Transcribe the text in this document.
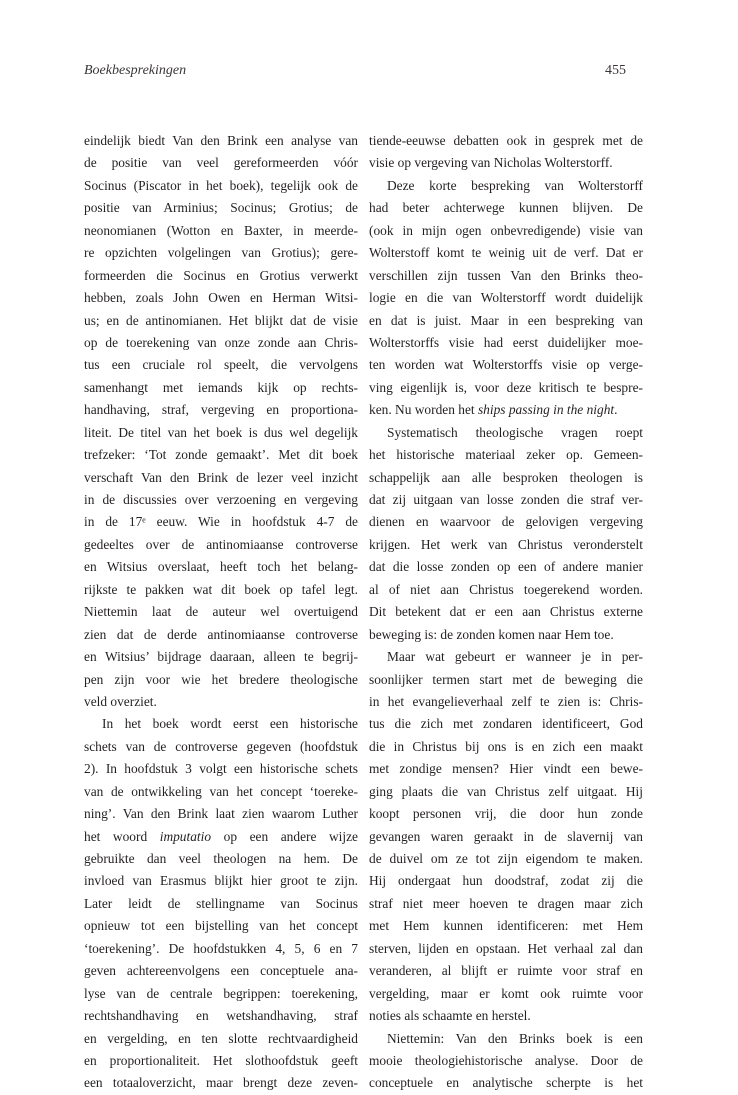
Boekbesprekingen	455
eindelijk biedt Van den Brink een analyse van
de positie van veel gereformeerden vóór
Socinus (Piscator in het boek), tegelijk ook de
positie van Arminius; Socinus; Grotius; de
neonomianen (Wotton en Baxter, in meerde-
re opzichten volgelingen van Grotius); gere-
formeerden die Socinus en Grotius verwerkt
hebben, zoals John Owen en Herman Witsi-
us; en de antinomianen. Het blijkt dat de visie
op de toerekening van onze zonde aan Chris-
tus een cruciale rol speelt, die vervolgens
samenhangt met iemands kijk op rechts-
handhaving, straf, vergeving en proportiona-
liteit. De titel van het boek is dus wel degelijk
trefzeker: ‘Tot zonde gemaakt’. Met dit boek
verschaft Van den Brink de lezer veel inzicht
in de discussies over verzoening en vergeving
in de 17ᵉ eeuw. Wie in hoofdstuk 4-7 de
gedeeltes over de antinomiaanse controverse
en Witsius overslaat, heeft toch het belang-
rijkste te pakken wat dit boek op tafel legt.
Niettemin laat de auteur wel overtuigend
zien dat de derde antinomiaanse controverse
en Witsius’ bijdrage daaraan, alleen te begrij-
pen zijn voor wie het bredere theologische
veld overziet.
In het boek wordt eerst een historische
schets van de controverse gegeven (hoofdstuk
2). In hoofdstuk 3 volgt een historische schets
van de ontwikkeling van het concept ‘toereke-
ning’. Van den Brink laat zien waarom Luther
het woord imputatio op een andere wijze
gebruikte dan veel theologen na hem. De
invloed van Erasmus blijkt hier groot te zijn.
Later leidt de stellingname van Socinus
opnieuw tot een bijstelling van het concept
‘toerekening’. De hoofdstukken 4, 5, 6 en 7
geven achtereenvolgens een conceptuele ana-
lyse van de centrale begrippen: toerekening,
rechtshandhaving en wetshandhaving, straf
en vergelding, en ten slotte rechtvaardigheid
en proportionaliteit. Het slothoofdstuk geeft
een totaaloverzicht, maar brengt deze zeven-
tiende-eeuwse debatten ook in gesprek met de
visie op vergeving van Nicholas Wolterstorff.
Deze korte bespreking van Wolterstorff
had beter achterwege kunnen blijven. De
(ook in mijn ogen onbevredigende) visie van
Wolterstoff komt te weinig uit de verf. Dat er
verschillen zijn tussen Van den Brinks theo-
logie en die van Wolterstorff wordt duidelijk
en dat is juist. Maar in een bespreking van
Wolterstorffs visie had eerst duidelijker moe-
ten worden wat Wolterstorffs visie op verge-
ving eigenlijk is, voor deze kritisch te bespre-
ken. Nu worden het ships passing in the night.
Systematisch theologische vragen roept
het historische materiaal zeker op. Gemeen-
schappelijk aan alle besproken theologen is
dat zij uitgaan van losse zonden die straf ver-
dienen en waarvoor de gelovigen vergeving
krijgen. Het werk van Christus veronderstelt
dat die losse zonden op een of andere manier
al of niet aan Christus toegerekend worden.
Dit betekent dat er een aan Christus externe
beweging is: de zonden komen naar Hem toe.
Maar wat gebeurt er wanneer je in per-
soonlijker termen start met de beweging die
in het evangelieverhaal zelf te zien is: Chris-
tus die zich met zondaren identificeert, God
die in Christus bij ons is en zich een maakt
met zondige mensen? Hier vindt een bewe-
ging plaats die van Christus zelf uitgaat. Hij
koopt personen vrij, die door hun zonde
gevangen waren geraakt in de slavernij van
de duivel om ze tot zijn eigendom te maken.
Hij ondergaat hun doodstraf, zodat zij die
straf niet meer hoeven te dragen maar zich
met Hem kunnen identificeren: met Hem
sterven, lijden en opstaan. Het verhaal zal dan
veranderen, al blijft er ruimte voor straf en
vergelding, maar er komt ook ruimte voor
noties als schaamte en herstel.
Niettemin: Van den Brinks boek is een
mooie theologiehistorische analyse. Door de
conceptuele en analytische scherpte is het
